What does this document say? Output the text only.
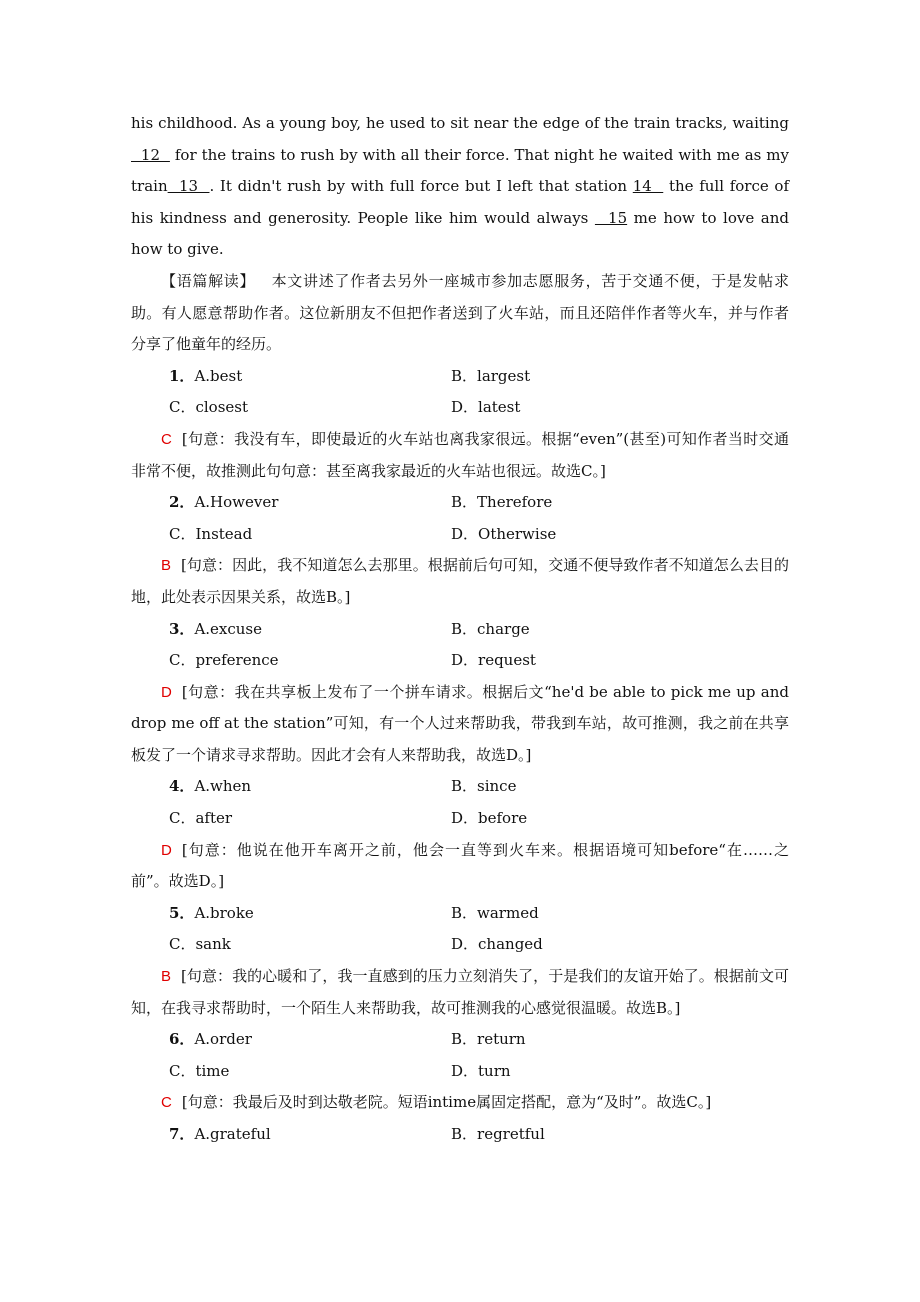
his childhood. As a young boy, he used to sit near the edge of the train tracks, waiting   12   for the trains to rush by with all their force. That night he waited with me as my train  13  . It didn't rush by with full force but I left that station 14   the full force of his kindness and generosity. People like him would always   15 me how to love and how to give.

【语篇解读】 本文讲述了作者去另外一座城市参加志愿服务，苦于交通不便，于是发帖求助。有人愿意帮助作者。这位新朋友不但把作者送到了火车站，而且还陪伴作者等火车，并与作者分享了他童年的经历。

1．A.best	B．largest
C．closest	D．latest

C [句意：我没有车，即使最近的火车站也离我家很远。根据“even”(甚至)可知作者当时交通非常不便，故推测此句句意：甚至离我家最近的火车站也很远。故选C。]

2．A.However	B．Therefore
C．Instead	D．Otherwise

B [句意：因此，我不知道怎么去那里。根据前后句可知，交通不便导致作者不知道怎么去目的地，此处表示因果关系，故选B。]

3．A.excuse	B．charge
C．preference	D．request

D [句意：我在共享板上发布了一个拼车请求。根据后文“he'd be able to pick me up and drop me off at the station”可知，有一个人过来帮助我，带我到车站，故可推测，我之前在共享板发了一个请求寻求帮助。因此才会有人来帮助我，故选D。]

4．A.when	B．since
C．after	D．before

D [句意：他说在他开车离开之前，他会一直等到火车来。根据语境可知before“在……之前”。故选D。]

5．A.broke	B．warmed
C．sank	D．changed

B [句意：我的心暖和了，我一直感到的压力立刻消失了，于是我们的友谊开始了。根据前文可知，在我寻求帮助时，一个陌生人来帮助我，故可推测我的心感觉很温暖。故选B。]

6．A.order	B．return
C．time	D．turn

C [句意：我最后及时到达敬老院。短语intime属固定搭配，意为“及时”。故选C。]

7．A.grateful	B．regretful
